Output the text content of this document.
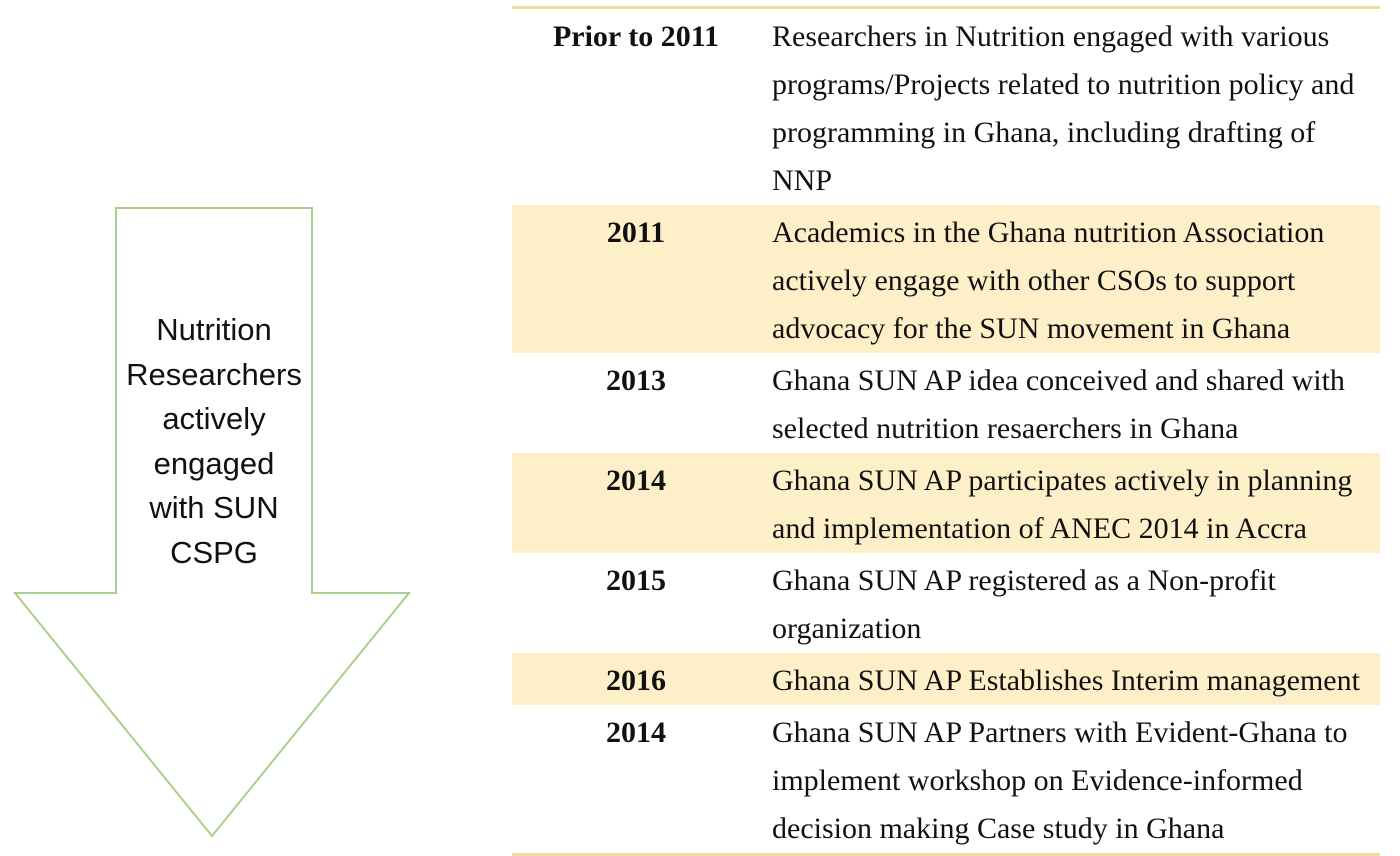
Nutrition
Researchers
actively
engaged
with SUN
CSPG
Prior to 2011	Researchers in Nutrition engaged with various
programs/Projects related to nutrition policy and
programming in Ghana, including drafting of
NNP
2011	Academics in the Ghana nutrition Association
actively engage with other CSOs to support
advocacy for the SUN movement in Ghana
2013	Ghana SUN AP idea conceived and shared with
selected nutrition resaerchers in Ghana
2014	Ghana SUN AP participates actively in planning
and implementation of ANEC 2014 in Accra
2015	Ghana SUN AP registered as a Non-profit
organization
2016	Ghana SUN AP Establishes Interim management
2014	Ghana SUN AP Partners with Evident-Ghana to
implement workshop on Evidence-informed
decision making Case study in Ghana
